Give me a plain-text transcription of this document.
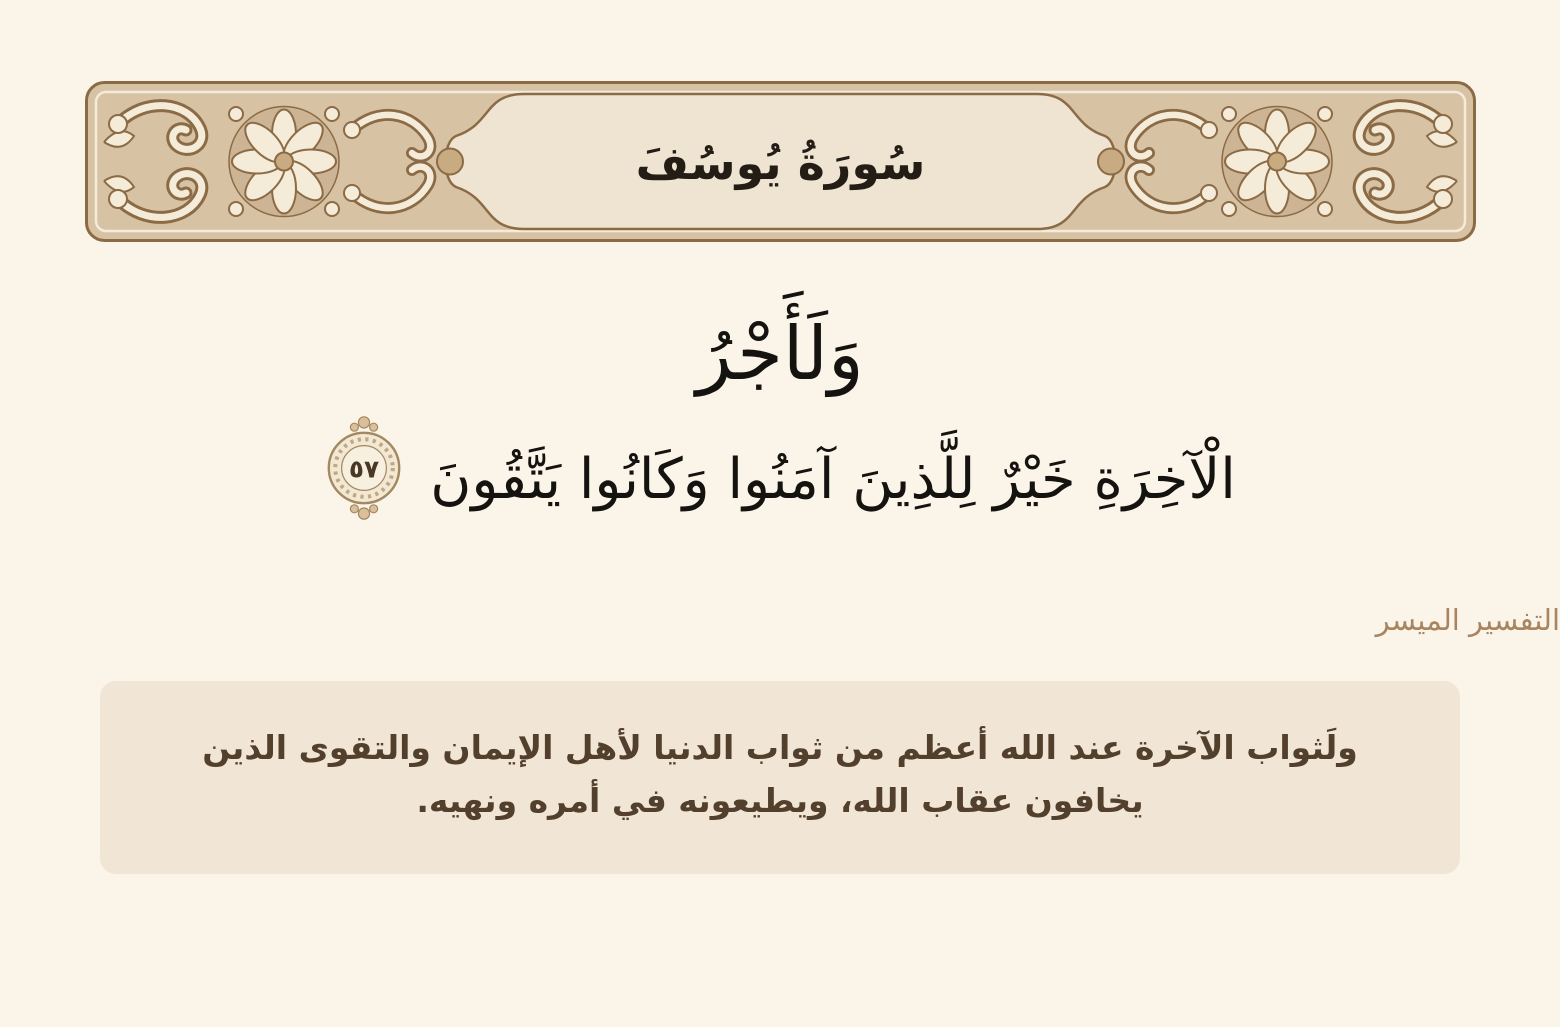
سُورَةُ يُوسُفَ
وَلَأَجْرُ
الْآخِرَةِ خَيْرٌ لِلَّذِينَ آمَنُوا وَكَانُوا يَتَّقُونَ
٥٧
التفسير الميسر
ولَثواب الآخرة عند الله أعظم من ثواب الدنيا لأهل الإيمان والتقوى الذين
يخافون عقاب الله، ويطيعونه في أمره ونهيه.
